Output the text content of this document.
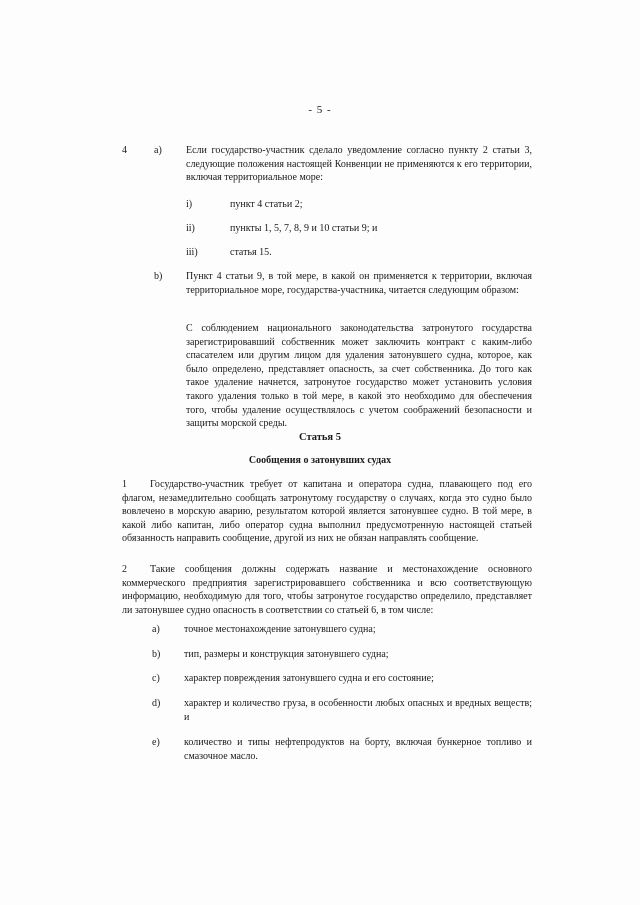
- 5 -
4	a) Если государство-участник сделало уведомление согласно пункту 2 статьи 3, следующие положения настоящей Конвенции не применяются к его территории, включая территориальное море:
i)	пункт 4 статьи 2;
ii)	пункты 1, 5, 7, 8, 9 и 10 статьи 9; и
iii)	статья 15.
b) Пункт 4 статьи 9, в той мере, в какой он применяется к территории, включая территориальное море, государства-участника, читается следующим образом:
С соблюдением национального законодательства затронутого государства зарегистрировавший собственник может заключить контракт с каким-либо спасателем или другим лицом для удаления затонувшего судна, которое, как было определено, представляет опасность, за счет собственника. До того как такое удаление начнется, затронутое государство может установить условия такого удаления только в той мере, в какой это необходимо для обеспечения того, чтобы удаление осуществлялось с учетом соображений безопасности и защиты морской среды.
Статья 5
Сообщения о затонувших судах
1	Государство-участник требует от капитана и оператора судна, плавающего под его флагом, незамедлительно сообщать затронутому государству о случаях, когда это судно было вовлечено в морскую аварию, результатом которой является затонувшее судно. В той мере, в какой либо капитан, либо оператор судна выполнил предусмотренную настоящей статьей обязанность направить сообщение, другой из них не обязан направлять сообщение.
2	Такие сообщения должны содержать название и местонахождение основного коммерческого предприятия зарегистрировавшего собственника и всю соответствующую информацию, необходимую для того, чтобы затронутое государство определило, представляет ли затонувшее судно опасность в соответствии со статьей 6, в том числе:
a) точное местонахождение затонувшего судна;
b) тип, размеры и конструкция затонувшего судна;
c) характер повреждения затонувшего судна и его состояние;
d) характер и количество груза, в особенности любых опасных и вредных веществ; и
e) количество и типы нефтепродуктов на борту, включая бункерное топливо и смазочное масло.
